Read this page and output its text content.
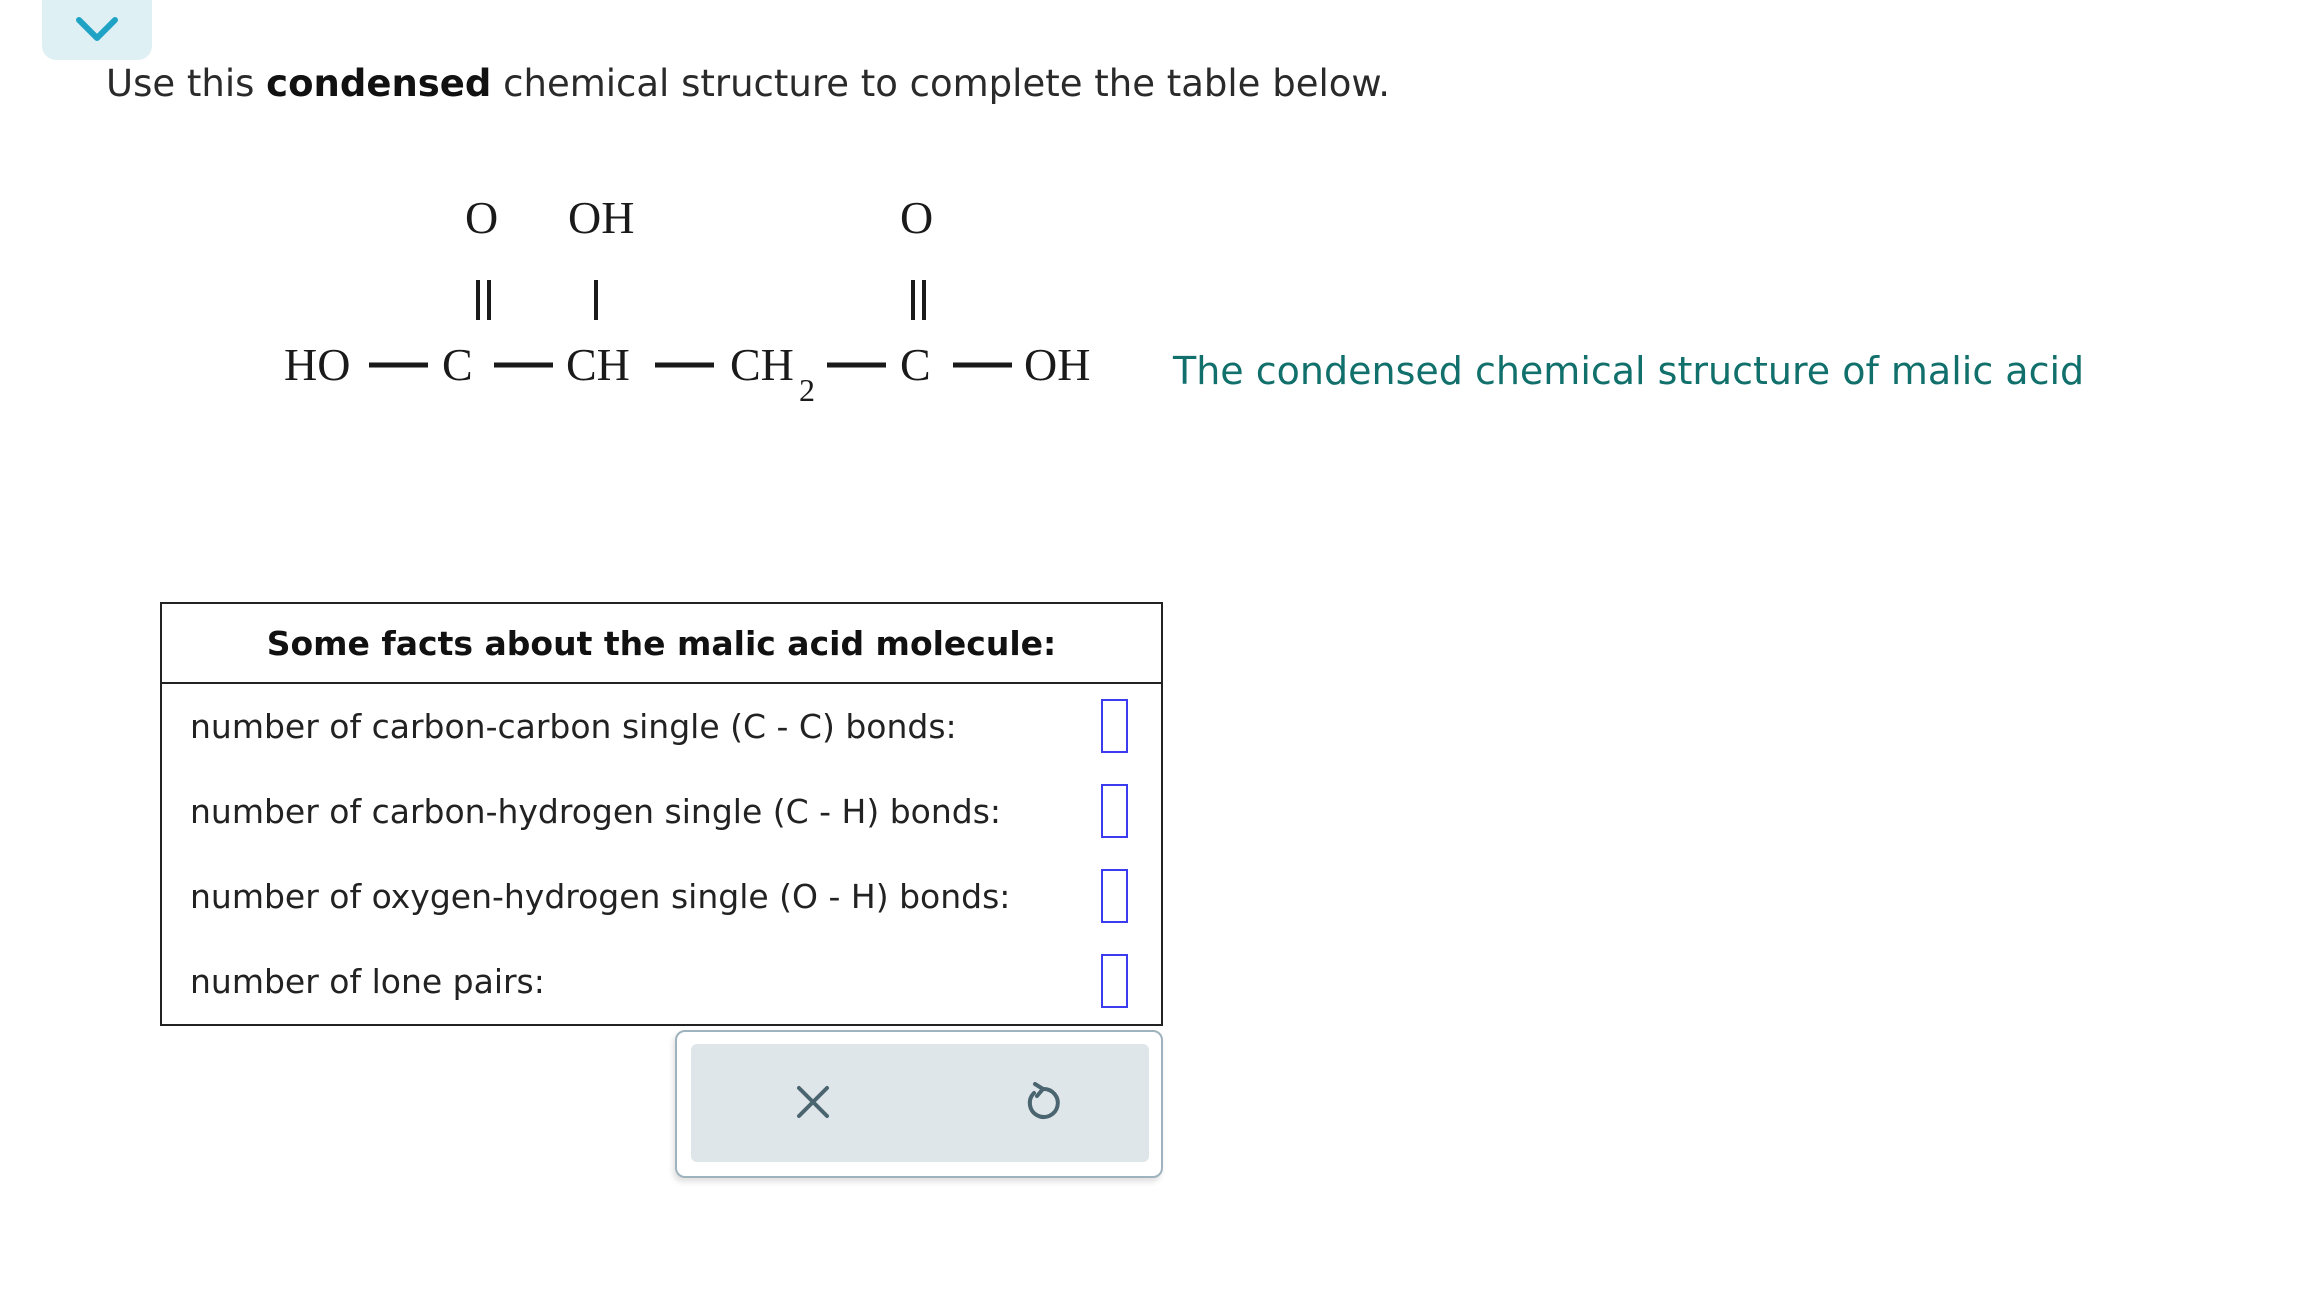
Use this condensed chemical structure to complete the table below.
O OH	O
HO C CH CH 2 C OH The condensed chemical structure of malic acid
Some facts about the malic acid molecule:
number of carbon-carbon single (C - C) bonds:
number of carbon-hydrogen single (C - H) bonds:
number of oxygen-hydrogen single (O - H) bonds:
number of lone pairs:
